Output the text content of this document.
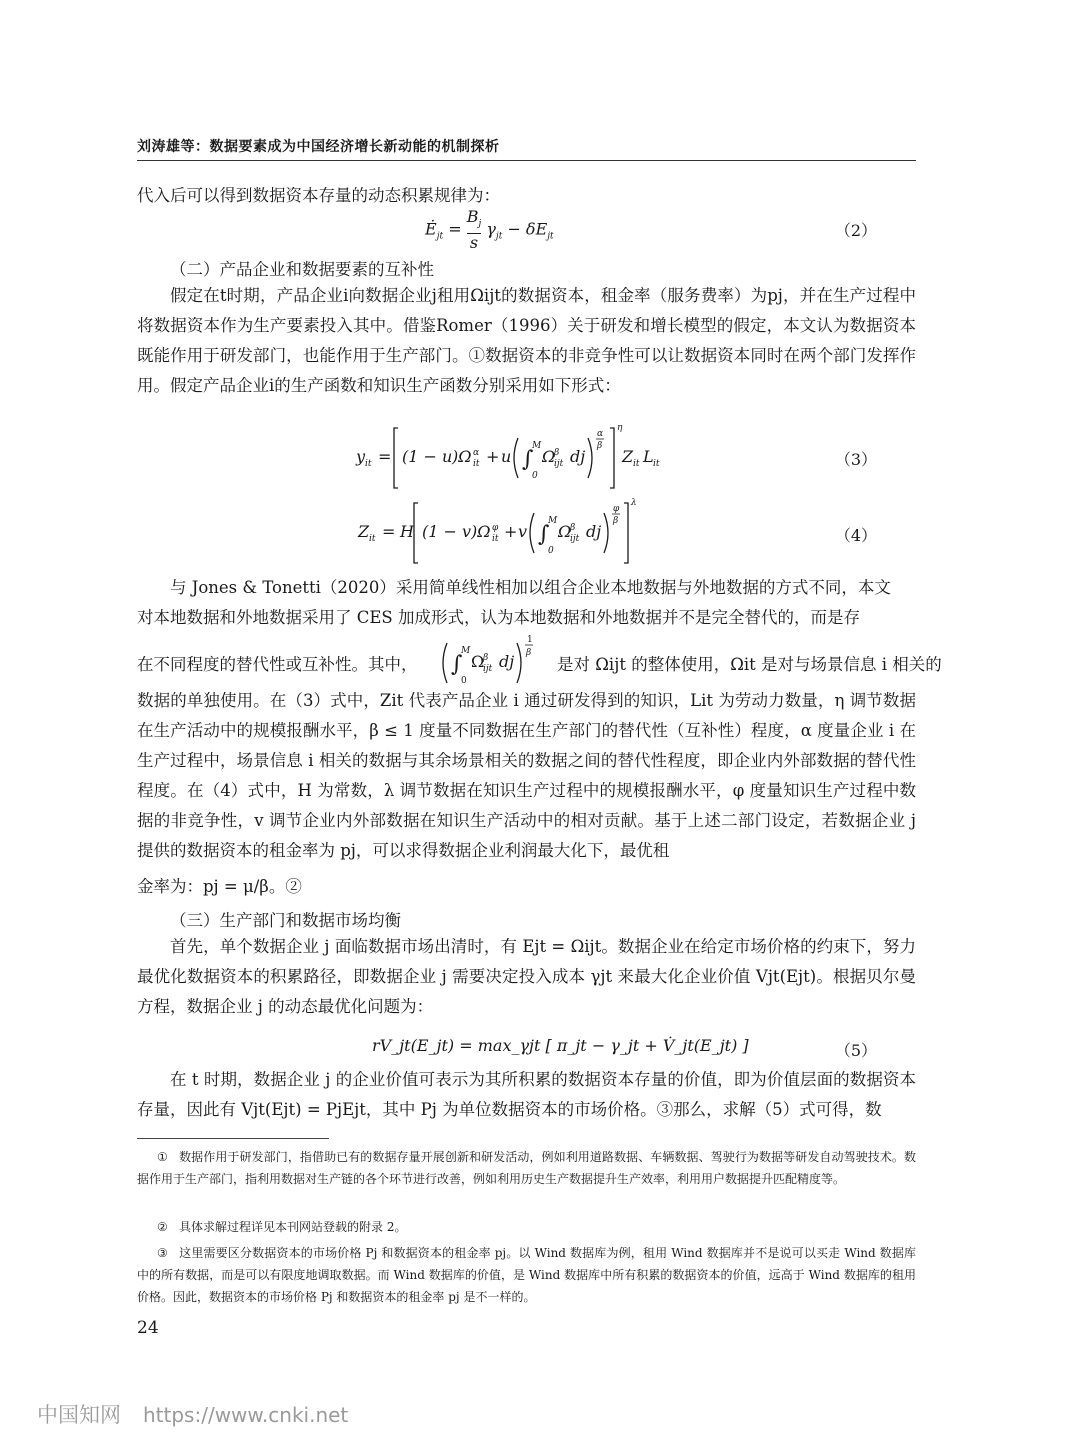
刘涛雄等：数据要素成为中国经济增长新动能的机制探析
代入后可以得到数据资本存量的动态积累规律为：
$Ė_{jt} = \frac{B_j}{s} \gamma_{jt} - \delta E_{jt}$	（2）
（二）产品企业和数据要素的互补性
假定在t时期，产品企业i向数据企业j租用Ωijt的数据资本，租金率（服务费率）为pj，并在生产过程中将数据资本作为生产要素投入其中。借鉴Romer（1996）关于研发和增长模型的假定，本文认为数据资本既能作用于研发部门，也能作用于生产部门。①数据资本的非竞争性可以让数据资本同时在两个部门发挥作用。假定产品企业i的生产函数和知识生产函数分别采用如下形式：
y it = (1 − u )Ω α
it + u ∫
M
0
Ω
β
ijt dj
α
β
η
Z it L it	（3）
Z it = H (1 − v )Ω φ
it + v ∫
M
0
Ω
β
ijt dj
φ
β
λ
（4）
与 Jones & Tonetti（2020）采用简单线性相加以组合企业本地数据与外地数据的方式不同，本文
对本地数据和外地数据采用了 CES 加成形式，认为本地数据和外地数据并不是完全替代的，而是存
在不同程度的替代性或互补性。其中， ∫
M
0
Ω
β
ijt dj
1
β
是对 Ωijt 的整体使用，Ωit 是对与场景信息 i 相关的
数据的单独使用。在（3）式中，Zit 代表产品企业 i 通过研发得到的知识，Lit 为劳动力数量，η 调节数据在生产活动中的规模报酬水平，β ≤ 1 度量不同数据在生产部门的替代性（互补性）程度，α 度量企业 i 在生产过程中，场景信息 i 相关的数据与其余场景相关的数据之间的替代性程度，即企业内外部数据的替代性程度。在（4）式中，H 为常数，λ 调节数据在知识生产过程中的规模报酬水平，φ 度量知识生产过程中数据的非竞争性，v 调节企业内外部数据在知识生产活动中的相对贡献。基于上述二部门设定，若数据企业 j 提供的数据资本的租金率为 pj，可以求得数据企业利润最大化下，最优租
金率为：pj = μ/β。②
（三）生产部门和数据市场均衡
首先，单个数据企业 j 面临数据市场出清时，有 Ejt = Ωijt。数据企业在给定市场价格的约束下，努力最优化数据资本的积累路径，即数据企业 j 需要决定投入成本 γjt 来最大化企业价值 Vjt(Ejt)。根据贝尔曼方程，数据企业 j 的动态最优化问题为：
rV_jt(E_jt) = max_γjt [ π_jt − γ_jt + V̇_jt(E_jt) ]	（5）
在 t 时期，数据企业 j 的企业价值可表示为其所积累的数据资本存量的价值，即为价值层面的数据资本存量，因此有 Vjt(Ejt) = PjEjt，其中 Pj 为单位数据资本的市场价格。③那么，求解（5）式可得，数
① 数据作用于研发部门，指借助已有的数据存量开展创新和研发活动，例如利用道路数据、车辆数据、驾驶行为数据等研发自动驾驶技术。数据作用于生产部门，指利用数据对生产链的各个环节进行改善，例如利用历史生产数据提升生产效率，利用用户数据提升匹配精度等。
② 具体求解过程详见本刊网站登载的附录 2。
③ 这里需要区分数据资本的市场价格 Pj 和数据资本的租金率 pj。以 Wind 数据库为例，租用 Wind 数据库并不是说可以买走 Wind 数据库中的所有数据，而是可以有限度地调取数据。而 Wind 数据库的价值，是 Wind 数据库中所有积累的数据资本的价值，远高于 Wind 数据库的租用价格。因此，数据资本的市场价格 Pj 和数据资本的租金率 pj 是不一样的。
24
中国知网 https://www.cnki.net
